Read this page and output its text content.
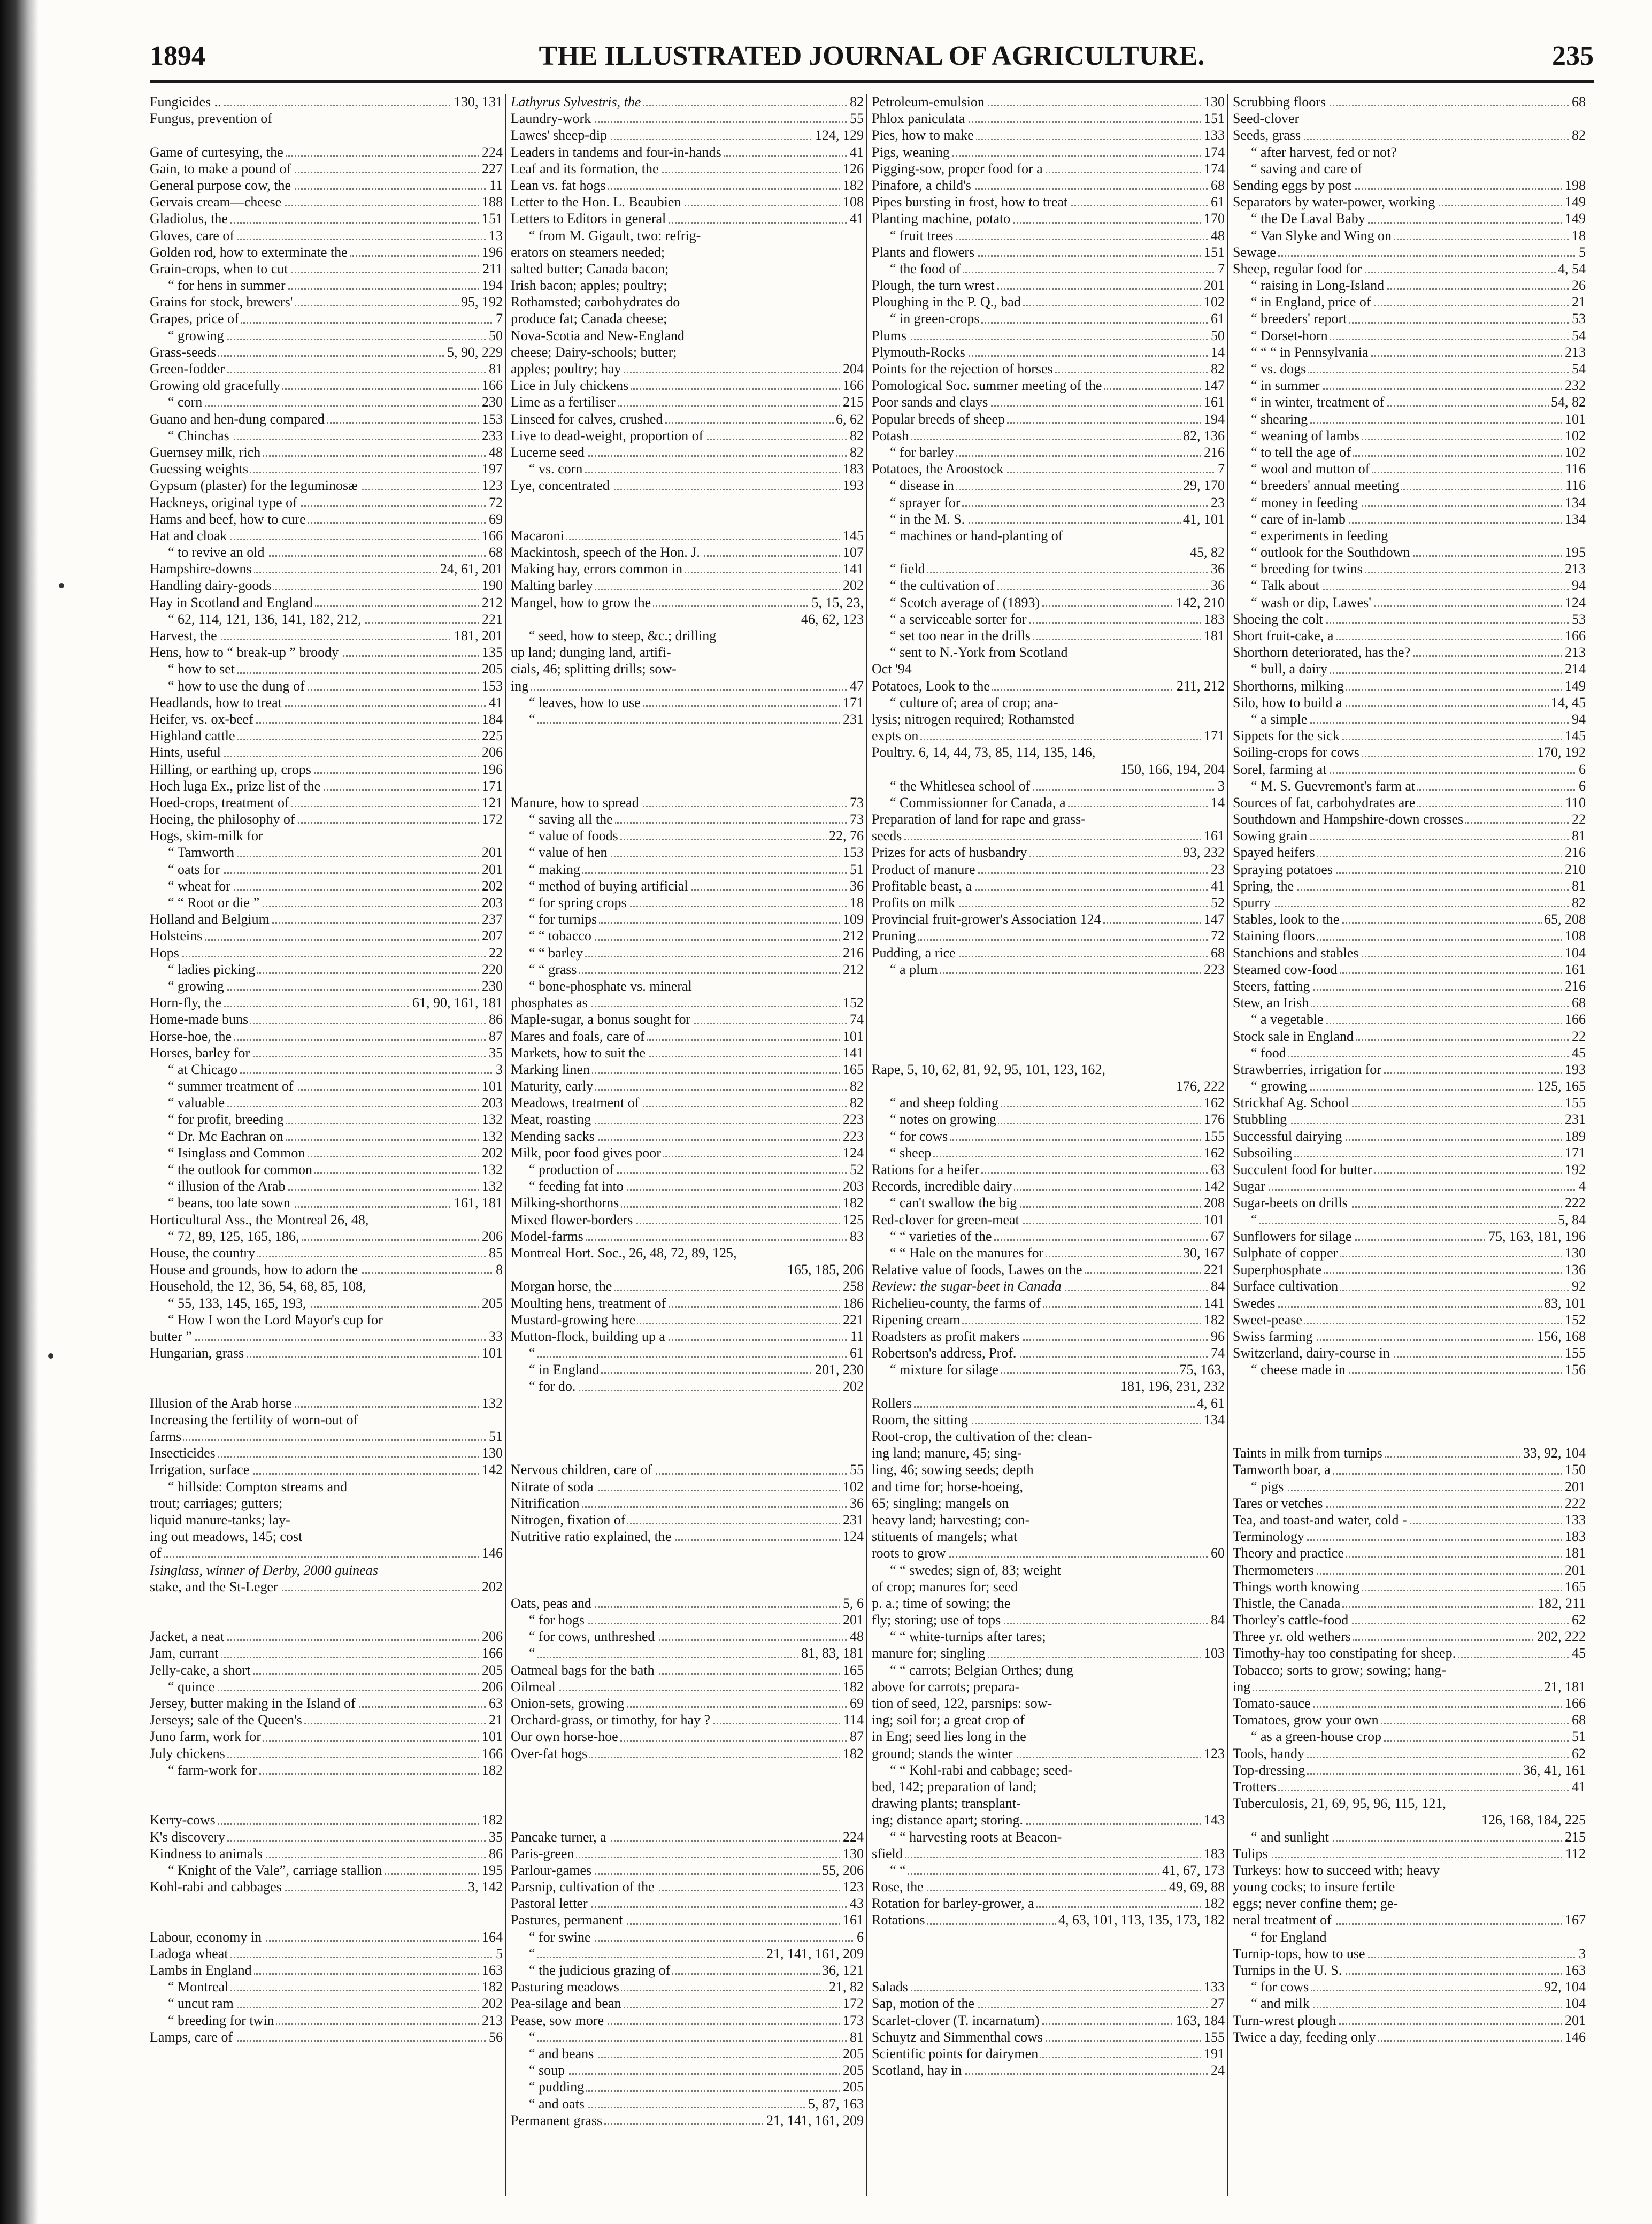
THE ILLUSTRATED JOURNAL OF AGRICULTURE.
1894	235
Fungicides ..	130, 131
Fungus, prevention of
Game of curtesying, the	224
Gain, to make a pound of	227
General purpose cow, the	11
Gervais cream—cheese	188
Gladiolus, the	151
Gloves, care of	13
Golden rod, how to exterminate the	196
Grain-crops, when to cut	211
“ for hens in summer	194
Grains for stock, brewers'	95, 192
Grapes, price of	7
“ growing	50
Grass-seeds	5, 90, 229
Green-fodder	81
Growing old gracefully	166
“ corn	230
Guano and hen-dung compared	153
“ Chinchas	233
Guernsey milk, rich	48
Guessing weights	197
Gypsum (plaster) for the leguminosæ	123
Hackneys, original type of	72
Hams and beef, how to cure	69
Hat and cloak	166
“ to revive an old	68
Hampshire-downs	24, 61, 201
Handling dairy-goods	190
Hay in Scotland and England	212
“ 62, 114, 121, 136, 141, 182, 212,	221
Harvest, the	181, 201
Hens, how to “ break-up ” broody	135
“ how to set	205
“ how to use the dung of	153
Headlands, how to treat	41
Heifer, vs. ox-beef	184
Highland cattle	225
Hints, useful	206
Hilling, or earthing up, crops	196
Hoch luga Ex., prize list of the	171
Hoed-crops, treatment of	121
Hoeing, the philosophy of	172
Hogs, skim-milk for
“ Tamworth	201
“ oats for	201
“ wheat for	202
“ “ Root or die ”	203
Holland and Belgium	237
Holsteins	207
Hops	22
“ ladies picking	220
“ growing	230
Horn-fly, the	61, 90, 161, 181
Home-made buns	86
Horse-hoe, the	87
Horses, barley for	35
“ at Chicago	3
“ summer treatment of	101
“ valuable	203
“ for profit, breeding	132
“ Dr. Mc Eachran on	132
“ Isinglass and Common	202
“ the outlook for common	132
“ illusion of the Arab	132
“ beans, too late sown	161, 181
Horticultural Ass., the Montreal 26, 48,
“ 72, 89, 125, 165, 186,	206
House, the country	85
House and grounds, how to adorn the	8
Household, the 12, 36, 54, 68, 85, 108,
“ 55, 133, 145, 165, 193,	205
“ How I won the Lord Mayor's cup for
butter ”	33
Hungarian, grass	101
Illusion of the Arab horse	132
Increasing the fertility of worn-out of
farms	51
Insecticides	130
Irrigation, surface	142
“ hillside: Compton streams and
trout; carriages; gutters;
liquid manure-tanks; lay-
ing out meadows, 145; cost
of	146
Isinglass, winner of Derby, 2000 guineas
stake, and the St-Leger	202
Jacket, a neat	206
Jam, currant	166
Jelly-cake, a short	205
“ quince	206
Jersey, butter making in the Island of	63
Jerseys; sale of the Queen's	21
Juno farm, work for	101
July chickens	166
“ farm-work for	182
Kerry-cows	182
K's discovery	35
Kindness to animals	86
“ Knight of the Vale”, carriage stallion	195
Kohl-rabi and cabbages	3, 142
Labour, economy in	164
Ladoga wheat	5
Lambs in England	163
“ Montreal	182
“ uncut ram	202
“ breeding for twin	213
Lamps, care of	56
Lathyrus Sylvestris, the	82
Laundry-work	55
Lawes' sheep-dip	124, 129
Leaders in tandems and four-in-hands	41
Leaf and its formation, the	126
Lean vs. fat hogs	182
Letter to the Hon. L. Beaubien	108
Letters to Editors in general	41
“ from M. Gigault, two: refrig-
erators on steamers needed;
salted butter; Canada bacon;
Irish bacon; apples; poultry;
Rothamsted; carbohydrates do
produce fat; Canada cheese;
Nova-Scotia and New-England
cheese; Dairy-schools; butter;
apples; poultry; hay	204
Lice in July chickens	166
Lime as a fertiliser	215
Linseed for calves, crushed	6, 62
Live to dead-weight, proportion of	82
Lucerne seed	82
“ vs. corn	183
Lye, concentrated	193
Macaroni	145
Mackintosh, speech of the Hon. J.	107
Making hay, errors common in	141
Malting barley	202
Mangel, how to grow the	5, 15, 23,
46, 62, 123
“ seed, how to steep, &c.; drilling
up land; dunging land, artifi-
cials, 46; splitting drills; sow-
ing	47
“ leaves, how to use	171
“	231
Manure, how to spread	73
“ saving all the	73
“ value of foods	22, 76
“ value of hen	153
“ making	51
“ method of buying artificial	36
“ for spring crops	18
“ for turnips	109
“ “ tobacco	212
“ “ barley	216
“ “ grass	212
“ bone-phosphate vs. mineral
phosphates as	152
Maple-sugar, a bonus sought for	74
Mares and foals, care of	101
Markets, how to suit the	141
Marking linen	165
Maturity, early	82
Meadows, treatment of	82
Meat, roasting	223
Mending sacks	223
Milk, poor food gives poor	124
“ production of	52
“ feeding fat into	203
Milking-shorthorns	182
Mixed flower-borders	125
Model-farms	83
Montreal Hort. Soc., 26, 48, 72, 89, 125,
165, 185, 206
Morgan horse, the	258
Moulting hens, treatment of	186
Mustard-growing here	221
Mutton-flock, building up a	11
“	61
“ in England	201, 230
“ for do.	202
Nervous children, care of	55
Nitrate of soda	102
Nitrification	36
Nitrogen, fixation of	231
Nutritive ratio explained, the	124
Oats, peas and	5, 6
“ for hogs	201
“ for cows, unthreshed	48
“	81, 83, 181
Oatmeal bags for the bath	165
Oilmeal	182
Onion-sets, growing	69
Orchard-grass, or timothy, for hay ?	114
Our own horse-hoe	87
Over-fat hogs	182
Pancake turner, a	224
Paris-green	130
Parlour-games	55, 206
Parsnip, cultivation of the	123
Pastoral letter	43
Pastures, permanent	161
“ for swine	6
“	21, 141, 161, 209
“ the judicious grazing of	36, 121
Pasturing meadows	21, 82
Pea-silage and bean	172
Pease, sow more	173
“	81
“ and beans	205
“ soup	205
“ pudding	205
“ and oats	5, 87, 163
Permanent grass	21, 141, 161, 209
Petroleum-emulsion	130
Phlox paniculata	151
Pies, how to make	133
Pigs, weaning	174
Pigging-sow, proper food for a	174
Pinafore, a child's	68
Pipes bursting in frost, how to treat	61
Planting machine, potato	170
“ fruit trees	48
Plants and flowers	151
“ the food of	7
Plough, the turn wrest	201
Ploughing in the P. Q., bad	102
“ in green-crops	61
Plums	50
Plymouth-Rocks	14
Points for the rejection of horses	82
Pomological Soc. summer meeting of the	147
Poor sands and clays	161
Popular breeds of sheep	194
Potash	82, 136
“ for barley	216
Potatoes, the Aroostock	7
“ disease in	29, 170
“ sprayer for	23
“ in the M. S.	41, 101
“ machines or hand-planting of
45, 82
“ field	36
“ the cultivation of	36
“ Scotch average of (1893)	142, 210
“ a serviceable sorter for	183
“ set too near in the drills	181
“ sent to N.-York from Scotland
Oct '94
Potatoes, Look to the	211, 212
“ culture of; area of crop; ana-
lysis; nitrogen required; Rothamsted
expts on	171
Poultry. 6, 14, 44, 73, 85, 114, 135, 146,
150, 166, 194, 204
“ the Whitlesea school of	3
“ Commissionner for Canada, a	14
Preparation of land for rape and grass-
seeds	161
Prizes for acts of husbandry	93, 232
Product of manure	23
Profitable beast, a	41
Profits on milk	52
Provincial fruit-grower's Association 124	147
Pruning	72
Pudding, a rice	68
“ a plum	223
Rape, 5, 10, 62, 81, 92, 95, 101, 123, 162,
176, 222
“ and sheep folding	162
“ notes on growing	176
“ for cows	155
“ sheep	162
Rations for a heifer	63
Records, incredible dairy	142
“ can't swallow the big	208
Red-clover for green-meat	101
“ “ varieties of the	67
“ “ Hale on the manures for	30, 167
Relative value of foods, Lawes on the	221
Review: the sugar-beet in Canada	84
Richelieu-county, the farms of	141
Ripening cream	182
Roadsters as profit makers	96
Robertson's address, Prof.	74
“ mixture for silage	75, 163,
181, 196, 231, 232
Rollers	4, 61
Room, the sitting	134
Root-crop, the cultivation of the: clean-
ing land; manure, 45; sing-
ling, 46; sowing seeds; depth
and time for; horse-hoeing,
65; singling; mangels on
heavy land; harvesting; con-
stituents of mangels; what
roots to grow	60
“ “ swedes; sign of, 83; weight
of crop; manures for; seed
p. a.; time of sowing; the
fly; storing; use of tops	84
“ “ white-turnips after tares;
manure for; singling	103
“ “ carrots; Belgian Orthes; dung
above for carrots; prepara-
tion of seed, 122, parsnips: sow-
ing; soil for; a great crop of
in Eng; seed lies long in the
ground; stands the winter	123
“ “ Kohl-rabi and cabbage; seed-
bed, 142; preparation of land;
drawing plants; transplant-
ing; distance apart; storing.	143
“ “ harvesting roots at Beacon-
sfield	183
“ “	41, 67, 173
Rose, the	49, 69, 88
Rotation for barley-grower, a	182
Rotations	4, 63, 101, 113, 135, 173, 182
Salads	133
Sap, motion of the	27
Scarlet-clover (T. incarnatum)	163, 184
Schuytz and Simmenthal cows	155
Scientific points for dairymen	191
Scotland, hay in	24
Scrubbing floors	68
Seed-clover
Seeds, grass	82
“ after harvest, fed or not?
“ saving and care of
Sending eggs by post	198
Separators by water-power, working	149
“ the De Laval Baby	149
“ Van Slyke and Wing on	18
Sewage	5
Sheep, regular food for	4, 54
“ raising in Long-Island	26
“ in England, price of	21
“ breeders' report	53
“ Dorset-horn	54
“ “ “ in Pennsylvania	213
“ vs. dogs	54
“ in summer	232
“ in winter, treatment of	54, 82
“ shearing	101
“ weaning of lambs	102
“ to tell the age of	102
“ wool and mutton of	116
“ breeders' annual meeting	116
“ money in feeding	134
“ care of in-lamb	134
“ experiments in feeding
“ outlook for the Southdown	195
“ breeding for twins	213
“ Talk about	94
“ wash or dip, Lawes'	124
Shoeing the colt	53
Short fruit-cake, a	166
Shorthorn deteriorated, has the?	213
“ bull, a dairy	214
Shorthorns, milking	149
Silo, how to build a	14, 45
“ a simple	94
Sippets for the sick	145
Soiling-crops for cows	170, 192
Sorel, farming at	6
“ M. S. Guevremont's farm at	6
Sources of fat, carbohydrates are	110
Southdown and Hampshire-down crosses	22
Sowing grain	81
Spayed heifers	216
Spraying potatoes	210
Spring, the	81
Spurry	82
Stables, look to the	65, 208
Staining floors	108
Stanchions and stables	104
Steamed cow-food	161
Steers, fatting	216
Stew, an Irish	68
“ a vegetable	166
Stock sale in England	22
“ food	45
Strawberries, irrigation for	193
“ growing	125, 165
Strickhaf Ag. School	155
Stubbling	231
Successful dairying	189
Subsoiling	171
Succulent food for butter	192
Sugar	4
Sugar-beets on drills	222
“	5, 84
Sunflowers for silage	75, 163, 181, 196
Sulphate of copper	130
Superphosphate	136
Surface cultivation	92
Swedes	83, 101
Sweet-pease	152
Swiss farming	156, 168
Switzerland, dairy-course in	155
“ cheese made in	156
Taints in milk from turnips	33, 92, 104
Tamworth boar, a	150
“ pigs	201
Tares or vetches	222
Tea, and toast-and water, cold -	133
Terminology	183
Theory and practice	181
Thermometers	201
Things worth knowing	165
Thistle, the Canada	182, 211
Thorley's cattle-food	62
Three yr. old wethers	202, 222
Timothy-hay too constipating for sheep.	45
Tobacco; sorts to grow; sowing; hang-
ing	21, 181
Tomato-sauce	166
Tomatoes, grow your own	68
“ as a green-house crop	51
Tools, handy	62
Top-dressing	36, 41, 161
Trotters	41
Tuberculosis, 21, 69, 95, 96, 115, 121,
126, 168, 184, 225
“ and sunlight	215
Tulips	112
Turkeys: how to succeed with; heavy
young cocks; to insure fertile
eggs; never confine them; ge-
neral treatment of	167
“ for England
Turnip-tops, how to use	3
Turnips in the U. S.	163
“ for cows	92, 104
“ and milk	104
Turn-wrest plough	201
Twice a day, feeding only	146
